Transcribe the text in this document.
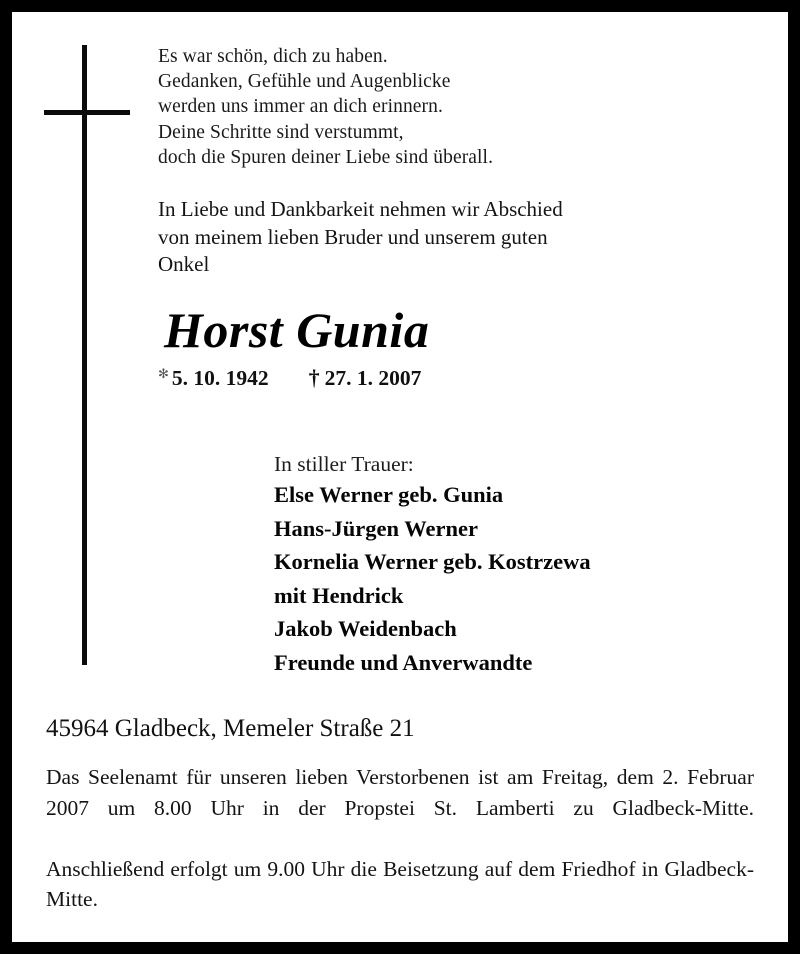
Es war schön, dich zu haben.
Gedanken, Gefühle und Augenblicke
werden uns immer an dich erinnern.
Deine Schritte sind verstummt,
doch die Spuren deiner Liebe sind überall.
In Liebe und Dankbarkeit nehmen wir Abschied
von meinem lieben Bruder und unserem guten
Onkel
Horst Gunia
✻ 5. 10. 1942 † 27. 1. 2007
In stiller Trauer:
Else Werner geb. Gunia
Hans-Jürgen Werner
Kornelia Werner geb. Kostrzewa
mit Hendrick
Jakob Weidenbach
Freunde und Anverwandte
45964 Gladbeck, Memeler Straße 21

Das Seelenamt für unseren lieben Verstorbenen ist am Freitag, dem 2. Februar 2007 um 8.00 Uhr in der Propstei St. Lamberti zu Gladbeck-Mitte.

Anschließend erfolgt um 9.00 Uhr die Beisetzung auf dem Friedhof in Gladbeck-Mitte.
